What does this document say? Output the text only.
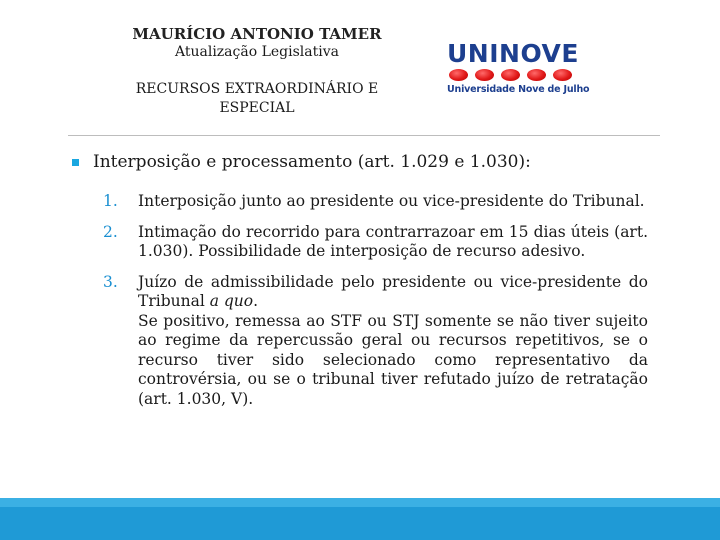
MAURÍCIO ANTONIO TAMER
Atualização Legislativa
RECURSOS EXTRAORDINÁRIO E
ESPECIAL
UNINOVE
Universidade Nove de Julho
Interposição e processamento (art. 1.029 e 1.030):
1.	Interposição junto ao presidente ou vice-presidente do Tribunal.
2.	Intimação do recorrido para contrarrazoar em 15 dias úteis (art. 1.030). Possibilidade de interposição de recurso adesivo.
3.	Juízo de admissibilidade pelo presidente ou vice-presidente do Tribunal a quo.
Se positivo, remessa ao STF ou STJ somente se não tiver sujeito ao regime da repercussão geral ou recursos repetitivos, se o recurso tiver sido selecionado como representativo da controvérsia, ou se o tribunal tiver refutado juízo de retratação (art. 1.030, V).
